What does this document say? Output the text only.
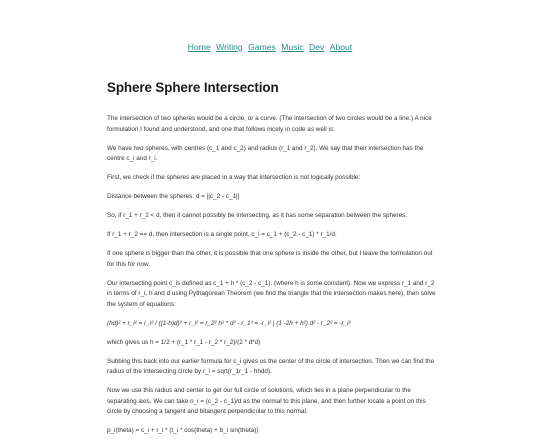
Home Writing Games Music Dev About
Sphere Sphere Intersection

The intersection of two spheres would be a circle, or a curve. (The intersection of two circles would be a line.) A nice formulation I found and understood, and one that follows nicely in code as well is:

We have two spheres, with centres (c_1 and c_2) and radius (r_1 and r_2). We say that their intersection has the centre c_i and r_i.

First, we check if the spheres are placed in a way that intersection is not logically possible:

Distance between the spheres: d = ||c_2 - c_1||

So, if r_1 + r_2 < d, then it cannot possibly be intersecting, as it has some separation between the spheres.

If r_1 + r_2 == d, then intersection is a single point, c_i = c_1 + (c_2 - c_1) * r_1/d.

If one sphere is bigger than the other, it is possible that one sphere is inside the other, but I leave the formulation out for this for now.

Our intersecting point c_is defined as c_1 + h * (c_2 - c_1). (where h is some constant). Now we express r_1 and r_2 in terms of r_i, h and d using Pythagorean Theorem (we find the triangle that the intersection makes here), then solve the system of equations:

(hd)² + r_i² = r_i² / ((1-h)d)² + r_i² = r_2² h² * d² - r_1² = -r_i² | (1 -2h + h²) d² - r_2² = -r_i²

which gives us h = 1/2 + (r_1 * r_1 - r_2 * r_2)/(2 * d*d)

Subbing this back into our earlier formula for c_i gives us the center of the circle of intersection. Then we can find the radius of the intersecting circle by r_i = sqrt(r_1r_1 - hhdd).

Now we use this radius and center to get our full circle of solutions, which lies in a plane perpendicular to the separating axis. We can take n_i = (c_2 - c_1)/d as the normal to this plane, and then further locate a point on this circle by choosing a tangent and bitangent perpendicular to this normal.

p_i(theta) = c_i + r_i * (t_i * cos(theta) + b_i sin(theta))
